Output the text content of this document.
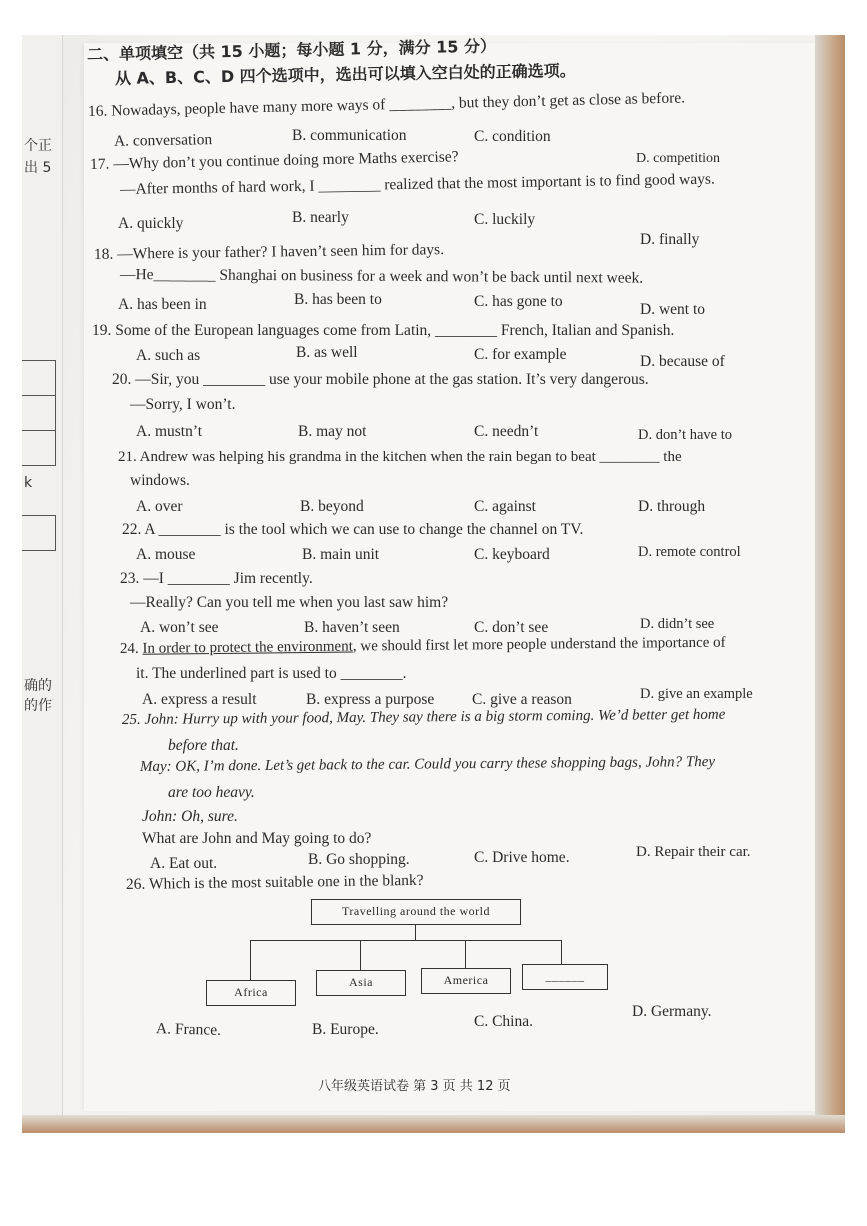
个正
出 5
k
确的
的作
二、单项填空（共 15 小题；每小题 1 分，满分 15 分）
从 A、B、C、D 四个选项中，选出可以填入空白处的正确选项。
16. Nowadays, people have many more ways of ________, but they don’t get as close as before.
A. conversation	B. communication	C. condition
D. competition
17. —Why don’t you continue doing more Maths exercise?
—After months of hard work, I ________ realized that the most important is to find good ways.
A. quickly	B. nearly	C. luckily
D. finally
18. —Where is your father? I haven’t seen him for days.
—He________ Shanghai on business for a week and won’t be back until next week.
A. has been in	B. has been to	C. has gone to	D. went to
19. Some of the European languages come from Latin, ________ French, Italian and Spanish.
A. such as	B. as well	C. for example	D. because of
20. —Sir, you ________ use your mobile phone at the gas station. It’s very dangerous.
—Sorry, I won’t.
A. mustn’t	B. may not	C. needn’t	D. don’t have to
21. Andrew was helping his grandma in the kitchen when the rain began to beat ________ the
windows.
A. over	B. beyond	C. against	D. through
22. A ________ is the tool which we can use to change the channel on TV.
A. mouse	B. main unit	C. keyboard	D. remote control
23. —I ________ Jim recently.
—Really? Can you tell me when you last saw him?
A. won’t see	B. haven’t seen	C. don’t see	D. didn’t see
24. In order to protect the environment, we should first let more people understand the importance of
it. The underlined part is used to ________.
A. express a result	B. express a purpose C. give a reason	D. give an example
25. John: Hurry up with your food, May. They say there is a big storm coming. We’d better get home
before that.
May: OK, I’m done. Let’s get back to the car. Could you carry these shopping bags, John? They
are too heavy.
John: Oh, sure.
What are John and May going to do?
A. Eat out.	B. Go shopping.	C. Drive home.	D. Repair their car.
26. Which is the most suitable one in the blank?
Travelling around the world
Africa
Asia	America	______
A. France.	B. Europe.	C. China.
D. Germany.
八年级英语试卷 第 3 页 共 12 页
